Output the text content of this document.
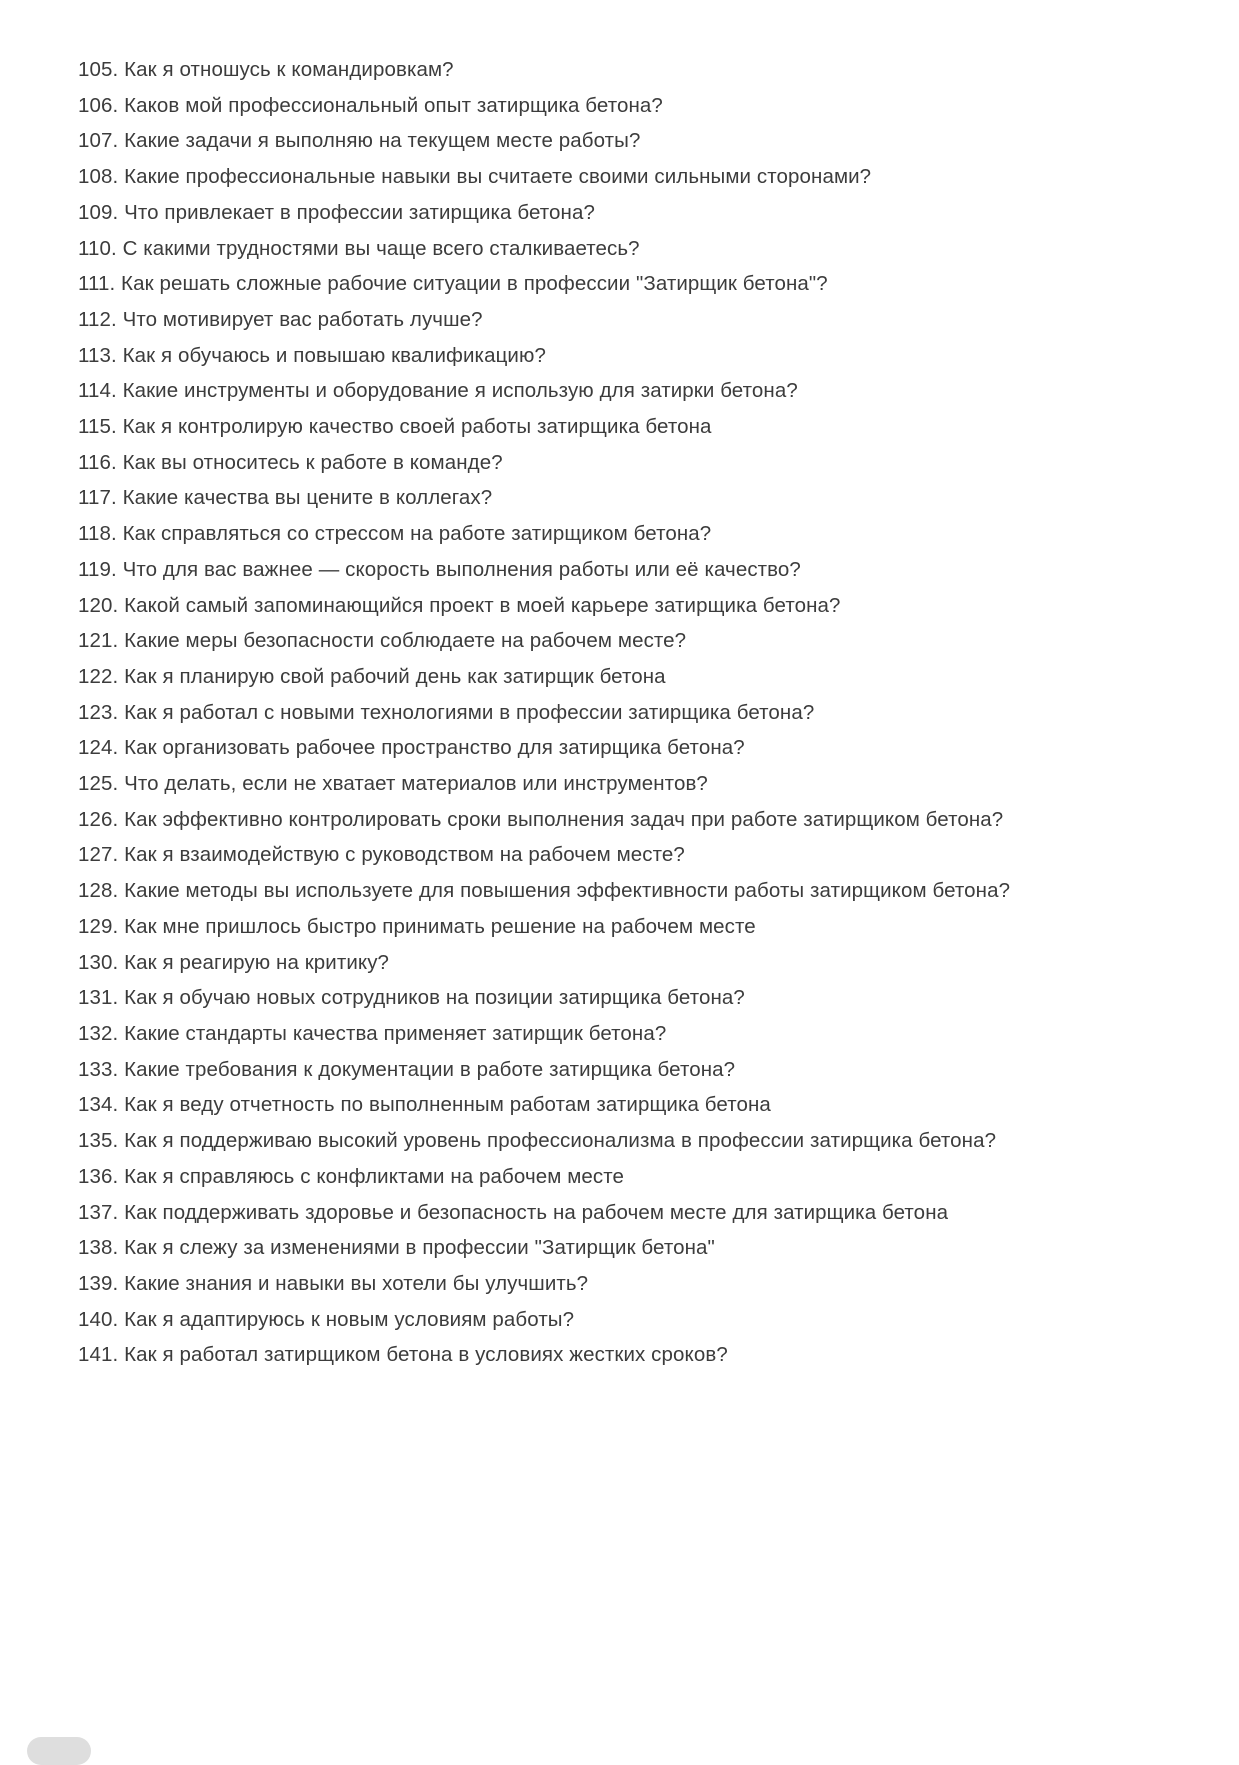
105. Как я отношусь к командировкам?

106. Каков мой профессиональный опыт затирщика бетона?

107. Какие задачи я выполняю на текущем месте работы?

108. Какие профессиональные навыки вы считаете своими сильными сторонами?

109. Что привлекает в профессии затирщика бетона?

110. С какими трудностями вы чаще всего сталкиваетесь?

111. Как решать сложные рабочие ситуации в профессии "Затирщик бетона"?

112. Что мотивирует вас работать лучше?

113. Как я обучаюсь и повышаю квалификацию?

114. Какие инструменты и оборудование я использую для затирки бетона?

115. Как я контролирую качество своей работы затирщика бетона

116. Как вы относитесь к работе в команде?

117. Какие качества вы цените в коллегах?

118. Как справляться со стрессом на работе затирщиком бетона?

119. Что для вас важнее — скорость выполнения работы или её качество?

120. Какой самый запоминающийся проект в моей карьере затирщика бетона?

121. Какие меры безопасности соблюдаете на рабочем месте?

122. Как я планирую свой рабочий день как затирщик бетона

123. Как я работал с новыми технологиями в профессии затирщика бетона?

124. Как организовать рабочее пространство для затирщика бетона?

125. Что делать, если не хватает материалов или инструментов?

126. Как эффективно контролировать сроки выполнения задач при работе затирщиком бетона?

127. Как я взаимодействую с руководством на рабочем месте?

128. Какие методы вы используете для повышения эффективности работы затирщиком бетона?

129. Как мне пришлось быстро принимать решение на рабочем месте

130. Как я реагирую на критику?

131. Как я обучаю новых сотрудников на позиции затирщика бетона?

132. Какие стандарты качества применяет затирщик бетона?

133. Какие требования к документации в работе затирщика бетона?

134. Как я веду отчетность по выполненным работам затирщика бетона

135. Как я поддерживаю высокий уровень профессионализма в профессии затирщика бетона?

136. Как я справляюсь с конфликтами на рабочем месте

137. Как поддерживать здоровье и безопасность на рабочем месте для затирщика бетона

138. Как я слежу за изменениями в профессии "Затирщик бетона"

139. Какие знания и навыки вы хотели бы улучшить?

140. Как я адаптируюсь к новым условиям работы?

141. Как я работал затирщиком бетона в условиях жестких сроков?
